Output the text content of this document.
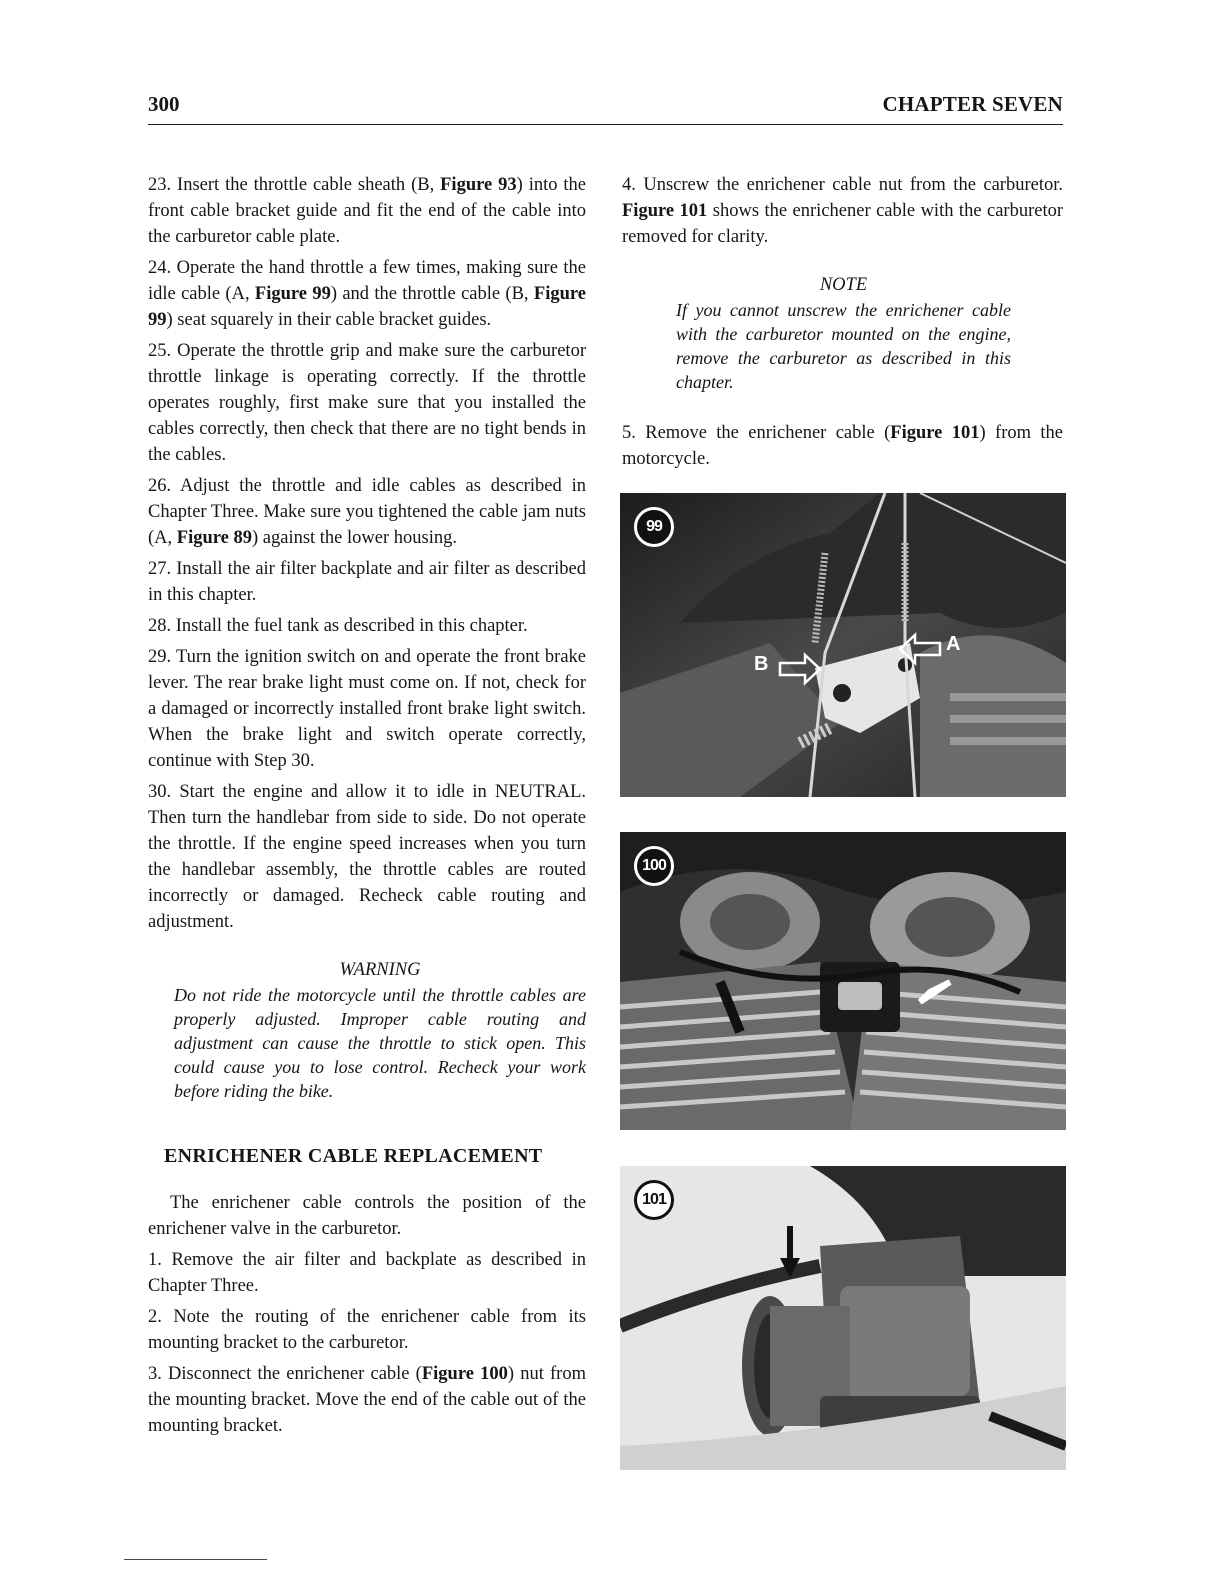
300	CHAPTER SEVEN

23. Insert the throttle cable sheath (B, Figure 93) into the front cable bracket guide and fit the end of the cable into the carburetor cable plate.

24. Operate the hand throttle a few times, making sure the idle cable (A, Figure 99) and the throttle cable (B, Figure 99) seat squarely in their cable bracket guides.

25. Operate the throttle grip and make sure the carburetor throttle linkage is operating correctly. If the throttle operates roughly, first make sure that you installed the cables correctly, then check that there are no tight bends in the cables.

26. Adjust the throttle and idle cables as described in Chapter Three. Make sure you tightened the cable jam nuts (A, Figure 89) against the lower housing.

27. Install the air filter backplate and air filter as described in this chapter.

28. Install the fuel tank as described in this chapter.

29. Turn the ignition switch on and operate the front brake lever. The rear brake light must come on. If not, check for a damaged or incorrectly installed front brake light switch. When the brake light and switch operate correctly, continue with Step 30.

30. Start the engine and allow it to idle in NEUTRAL. Then turn the handlebar from side to side. Do not operate the throttle. If the engine speed increases when you turn the handlebar assembly, the throttle cables are routed incorrectly or damaged. Recheck cable routing and adjustment.

WARNING
Do not ride the motorcycle until the throttle cables are properly adjusted. Improper cable routing and adjustment can cause the throttle to stick open. This could cause you to lose control. Recheck your work before riding the bike.
ENRICHENER CABLE REPLACEMENT

The enrichener cable controls the position of the enrichener valve in the carburetor.

1. Remove the air filter and backplate as described in Chapter Three.

2. Note the routing of the enrichener cable from its mounting bracket to the carburetor.

3. Disconnect the enrichener cable (Figure 100) nut from the mounting bracket. Move the end of the cable out of the mounting bracket.

4. Unscrew the enrichener cable nut from the carburetor. Figure 101 shows the enrichener cable with the carburetor removed for clarity.

NOTE
If you cannot unscrew the enrichener cable with the carburetor mounted on the engine, remove the carburetor as described in this chapter.

5. Remove the enrichener cable (Figure 101) from the motorcycle.

99
B
A
100
101
